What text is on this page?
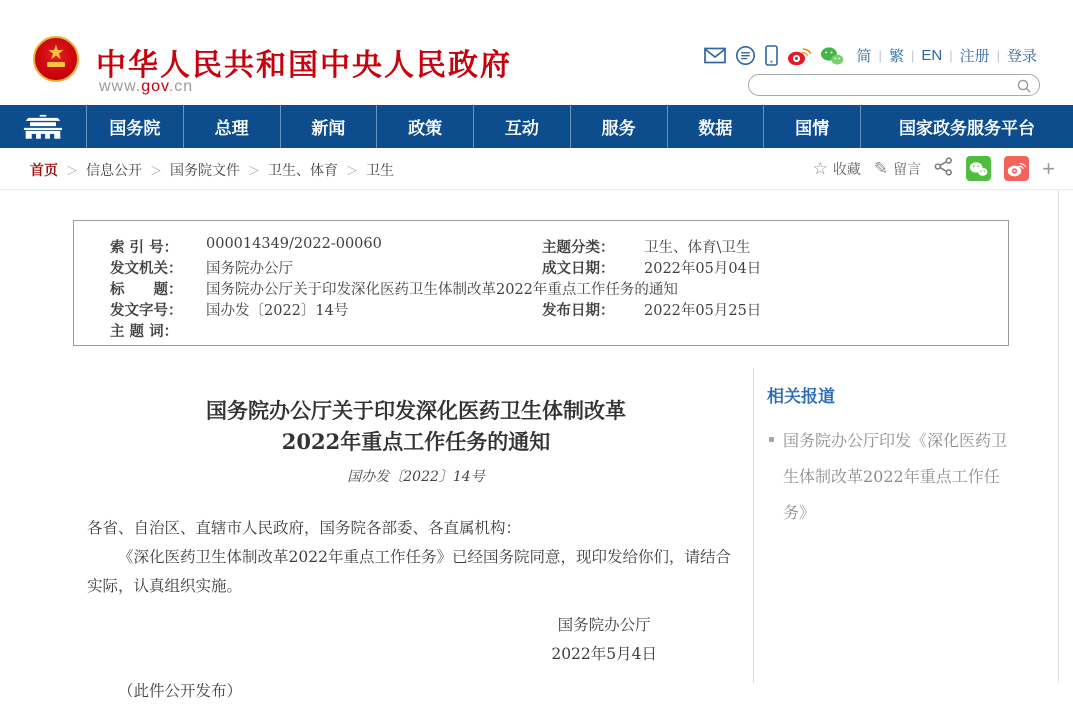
★	中华人民共和国中央人民政府
www.gov.cn
简 | 繁 | EN | 注册 | 登录
国务院	总理	新闻	政策	互动	服务	数据	国情	国家政务服务平台
首页 ＞ 信息公开 ＞ 国务院文件 ＞ 卫生、体育 ＞ 卫生	☆ 收藏 ✎ 留言	+
索 引 号：	000014349/2022-00060	主题分类：	卫生、体育\卫生
发文机关：	国务院办公厅	成文日期：	2022年05月04日
标　　题：	国务院办公厅关于印发深化医药卫生体制改革2022年重点工作任务的通知
发文字号：	国办发〔2022〕14号	发布日期：	2022年05月25日
主 题 词：
国务院办公厅关于印发深化医药卫生体制改革
2022年重点工作任务的通知
国办发〔2022〕14号
各省、自治区、直辖市人民政府，国务院各部委、各直属机构：
《深化医药卫生体制改革2022年重点工作任务》已经国务院同意，现印发给你们，请结合实际，认真组织实施。
国务院办公厅
2022年5月4日
（此件公开发布）
相关报道
国务院办公厅印发《深化医药卫生体制改革2022年重点工作任务》
